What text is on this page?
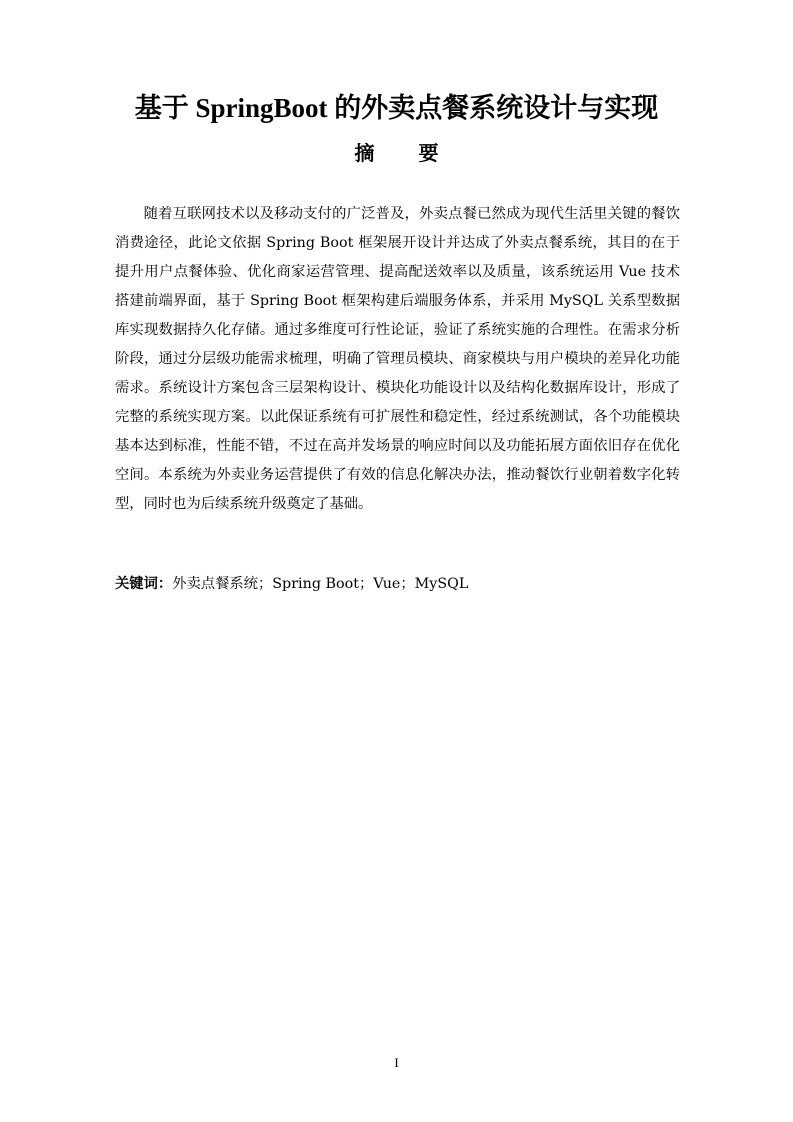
基于 SpringBoot 的外卖点餐系统设计与实现
摘要

随着互联网技术以及移动支付的广泛普及，外卖点餐已然成为现代生活里关键的餐饮消费途径，此论文依据 Spring Boot 框架展开设计并达成了外卖点餐系统，其目的在于提升用户点餐体验、优化商家运营管理、提高配送效率以及质量，该系统运用 Vue 技术搭建前端界面，基于 Spring Boot 框架构建后端服务体系，并采用 MySQL 关系型数据库实现数据持久化存储。通过多维度可行性论证，验证了系统实施的合理性。在需求分析阶段，通过分层级功能需求梳理，明确了管理员模块、商家模块与用户模块的差异化功能需求。系统设计方案包含三层架构设计、模块化功能设计以及结构化数据库设计，形成了完整的系统实现方案。以此保证系统有可扩展性和稳定性，经过系统测试，各个功能模块基本达到标准，性能不错，不过在高并发场景的响应时间以及功能拓展方面依旧存在优化空间。本系统为外卖业务运营提供了有效的信息化解决办法，推动餐饮行业朝着数字化转型，同时也为后续系统升级奠定了基础。

关键词：外卖点餐系统；Spring Boot；Vue；MySQL

I
